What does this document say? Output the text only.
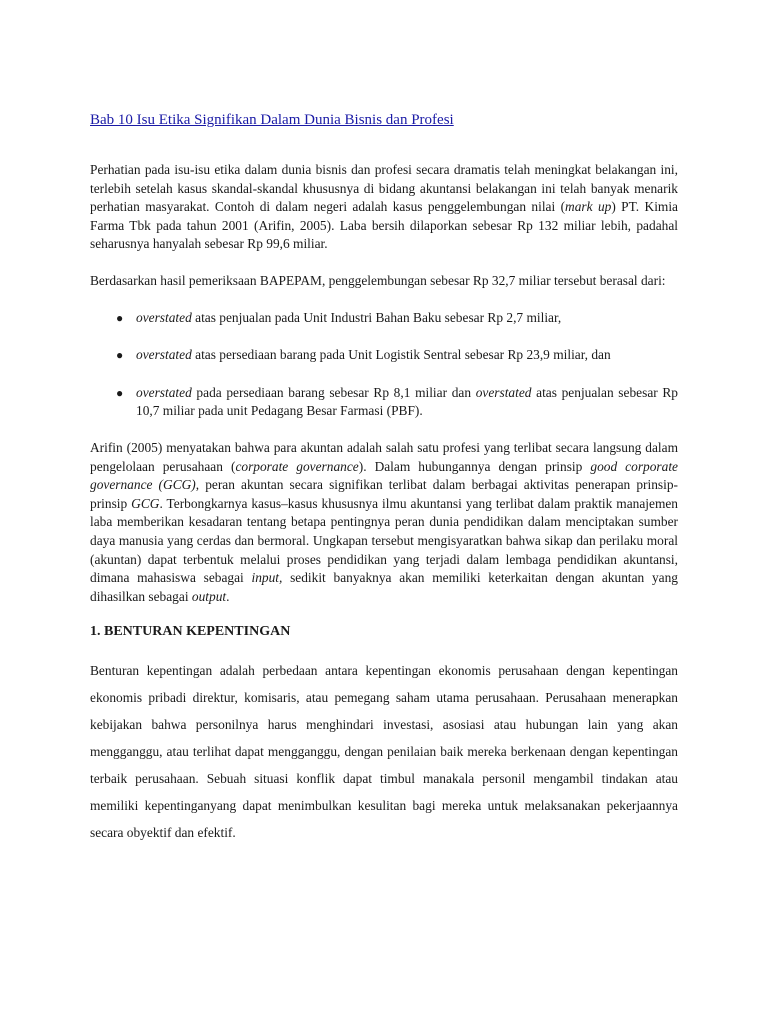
Bab 10 Isu Etika Signifikan Dalam Dunia Bisnis dan Profesi

Perhatian pada isu-isu etika dalam dunia bisnis dan profesi secara dramatis telah meningkat belakangan ini, terlebih setelah kasus skandal-skandal khususnya di bidang akuntansi belakangan ini telah banyak menarik perhatian masyarakat. Contoh di dalam negeri adalah kasus penggelembungan nilai (mark up) PT. Kimia Farma Tbk pada tahun 2001 (Arifin, 2005). Laba bersih dilaporkan sebesar Rp 132 miliar lebih, padahal seharusnya hanyalah sebesar Rp 99,6 miliar.

Berdasarkan hasil pemeriksaan BAPEPAM, penggelembungan sebesar Rp 32,7 miliar tersebut berasal dari:

● overstated atas penjualan pada Unit Industri Bahan Baku sebesar Rp 2,7 miliar,
● overstated atas persediaan barang pada Unit Logistik Sentral sebesar Rp 23,9 miliar, dan
● overstated pada persediaan barang sebesar Rp 8,1 miliar dan overstated atas penjualan sebesar Rp 10,7 miliar pada unit Pedagang Besar Farmasi (PBF).

Arifin (2005) menyatakan bahwa para akuntan adalah salah satu profesi yang terlibat secara langsung dalam pengelolaan perusahaan (corporate governance). Dalam hubungannya dengan prinsip good corporate governance (GCG), peran akuntan secara signifikan terlibat dalam berbagai aktivitas penerapan prinsip-prinsip GCG. Terbongkarnya kasus–kasus khususnya ilmu akuntansi yang terlibat dalam praktik manajemen laba memberikan kesadaran tentang betapa pentingnya peran dunia pendidikan dalam menciptakan sumber daya manusia yang cerdas dan bermoral. Ungkapan tersebut mengisyaratkan bahwa sikap dan perilaku moral (akuntan) dapat terbentuk melalui proses pendidikan yang terjadi dalam lembaga pendidikan akuntansi, dimana mahasiswa sebagai input, sedikit banyaknya akan memiliki keterkaitan dengan akuntan yang dihasilkan sebagai output.

1. BENTURAN KEPENTINGAN

Benturan kepentingan adalah perbedaan antara kepentingan ekonomis perusahaan dengan kepentingan ekonomis pribadi direktur, komisaris, atau pemegang saham utama perusahaan. Perusahaan menerapkan kebijakan bahwa personilnya harus menghindari investasi, asosiasi atau hubungan lain yang akan mengganggu, atau terlihat dapat mengganggu, dengan penilaian baik mereka berkenaan dengan kepentingan terbaik perusahaan. Sebuah situasi konflik dapat timbul manakala personil mengambil tindakan atau memiliki kepentinganyang dapat menimbulkan kesulitan bagi mereka untuk melaksanakan pekerjaannya secara obyektif dan efektif.
